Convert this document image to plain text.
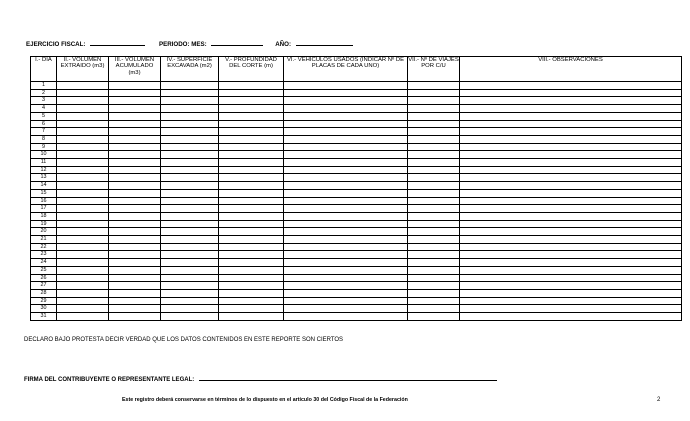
EJERCICIO FISCAL:	PERIODO: MES:	AÑO:
I.- DIA	II.- VOLUMEN EXTRAIDO (m3)	III.- VOLUMEN ACUMULADO (m3)	IV.- SUPERFICIE EXCAVADA (m2)	V.- PROFUNDIDAD DEL CORTE (m)	VI.- VEHICULOS USADOS (INDICAR Nº DE PLACAS DE CADA UNO)	VII.- Nº DE VIAJES POR C/U	VIII.- OBSERVACIONES
1							
2							
3							
4							
5							
6							
7							
8							
9							
10							
11							
12							
13							
14							
15							
16							
17							
18							
19							
20							
21							
22							
23							
24							
25							
26							
27							
28							
29							
30							
31							
DECLARO BAJO PROTESTA DECIR VERDAD QUE LOS DATOS CONTENIDOS EN ESTE REPORTE SON CIERTOS
FIRMA DEL CONTRIBUYENTE O REPRESENTANTE LEGAL:
Este registro deberá conservarse en términos de lo dispuesto en el artículo 30 del Código Fiscal de la Federación	2
